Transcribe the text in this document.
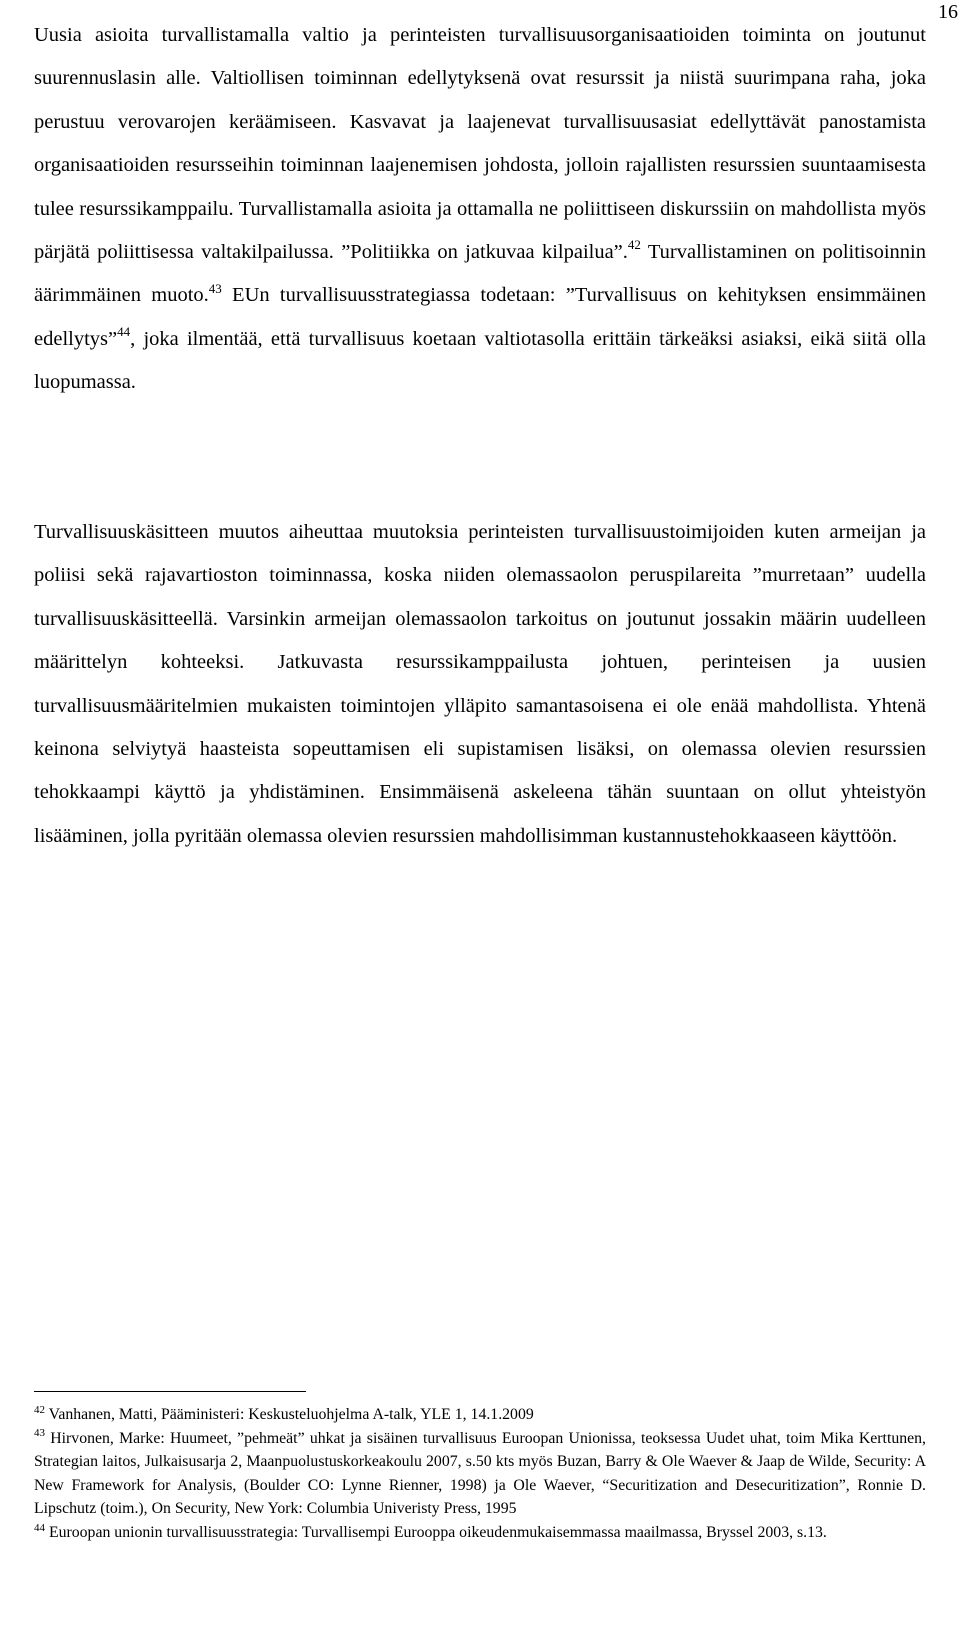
16

Uusia asioita turvallistamalla valtio ja perinteisten turvallisuusorganisaatioiden toiminta on joutunut suurennuslasin alle. Valtiollisen toiminnan edellytyksenä ovat resurssit ja niistä suurimpana raha, joka perustuu verovarojen keräämiseen. Kasvavat ja laajenevat turvallisuusasiat edellyttävät panostamista organisaatioiden resursseihin toiminnan laajenemisen johdosta, jolloin rajallisten resurssien suuntaamisesta tulee resurssikamppailu. Turvallistamalla asioita ja ottamalla ne poliittiseen diskurssiin on mahdollista myös pärjätä poliittisessa valtakilpailussa. ”Politiikka on jatkuvaa kilpailua”.$^{42}$ Turvallistaminen on politisoinnin äärimmäinen muoto.$^{43}$ EUn turvallisuusstrategiassa todetaan: ”Turvallisuus on kehityksen ensimmäinen edellytys”$^{44}$, joka ilmentää, että turvallisuus koetaan valtiotasolla erittäin tärkeäksi asiaksi, eikä siitä olla luopumassa.

Turvallisuuskäsitteen muutos aiheuttaa muutoksia perinteisten turvallisuustoimijoiden kuten armeijan ja poliisi sekä rajavartioston toiminnassa, koska niiden olemassaolon peruspilareita ”murretaan” uudella turvallisuuskäsitteellä. Varsinkin armeijan olemassaolon tarkoitus on joutunut jossakin määrin uudelleen määrittelyn kohteeksi. Jatkuvasta resurssikamppailusta johtuen, perinteisen ja uusien turvallisuusmääritelmien mukaisten toimintojen ylläpito samantasoisena ei ole enää mahdollista. Yhtenä keinona selviytyä haasteista sopeuttamisen eli supistamisen lisäksi, on olemassa olevien resurssien tehokkaampi käyttö ja yhdistäminen. Ensimmäisenä askeleena tähän suuntaan on ollut yhteistyön lisääminen, jolla pyritään olemassa olevien resurssien mahdollisimman kustannustehokkaaseen käyttöön.

$^{42}$ Vanhanen, Matti, Pääministeri: Keskusteluohjelma A-talk, YLE 1, 14.1.2009

$^{43}$ Hirvonen, Marke: Huumeet, ”pehmeät” uhkat ja sisäinen turvallisuus Euroopan Unionissa, teoksessa Uudet uhat, toim Mika Kerttunen, Strategian laitos, Julkaisusarja 2, Maanpuolustuskorkeakoulu 2007, s.50 kts myös Buzan, Barry & Ole Waever & Jaap de Wilde, Security: A New Framework for Analysis, (Boulder CO: Lynne Rienner, 1998) ja Ole Waever, “Securitization and Desecuritization”, Ronnie D. Lipschutz (toim.), On Security, New York: Columbia Univeristy Press, 1995

$^{44}$ Euroopan unionin turvallisuusstrategia: Turvallisempi Eurooppa oikeudenmukaisemmassa maailmassa, Bryssel 2003, s.13.
